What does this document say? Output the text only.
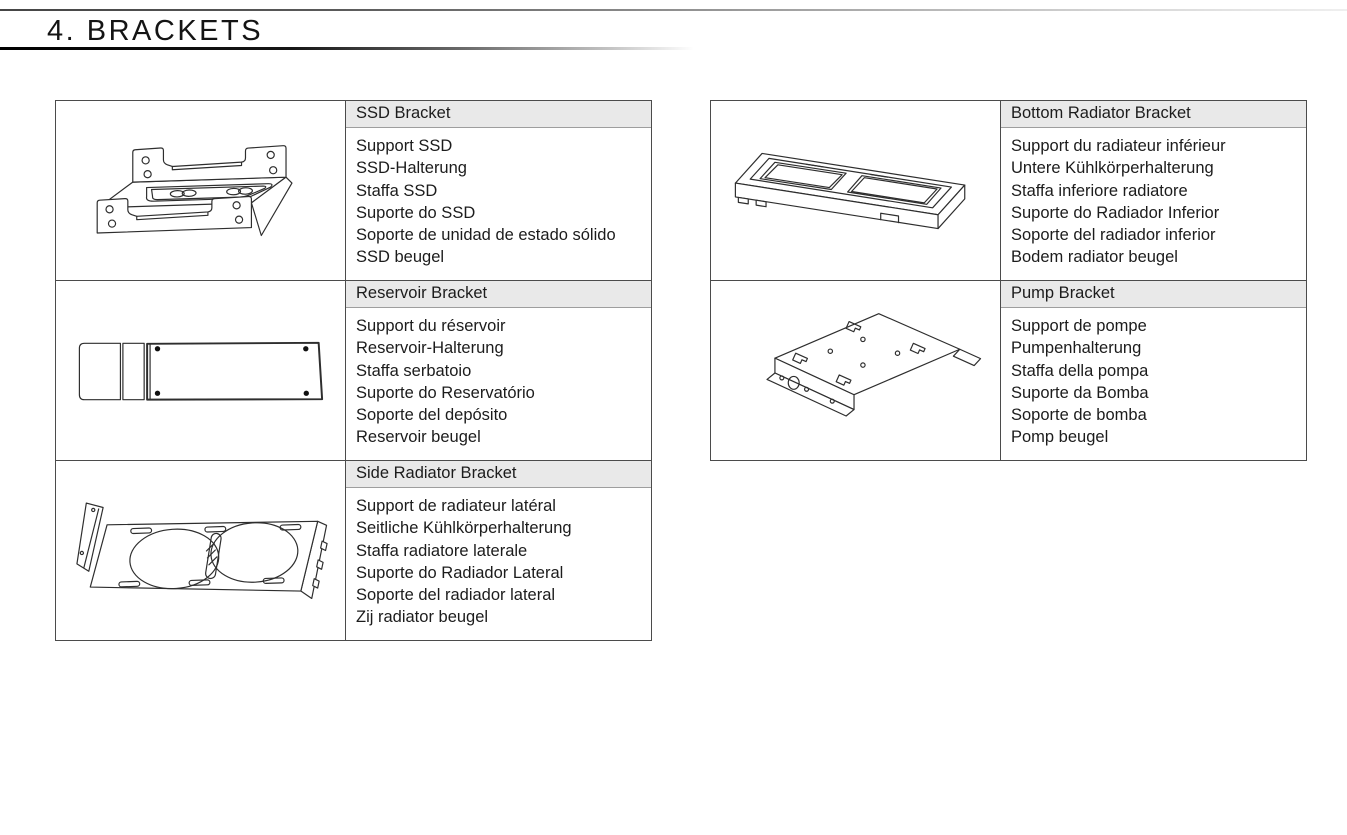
4. BRACKETS
SSD Bracket
Support SSD
SSD-Halterung
Staffa SSD
Suporte do SSD
Soporte de unidad de estado sólido
SSD beugel
Reservoir Bracket
Support du réservoir
Reservoir-Halterung
Staffa serbatoio
Suporte do Reservatório
Soporte del depósito
Reservoir beugel
Side Radiator Bracket
Support de radiateur latéral
Seitliche Kühlkörperhalterung
Staffa radiatore laterale
Suporte do Radiador Lateral
Soporte del radiador lateral
Zij radiator beugel
Bottom Radiator Bracket
Support du radiateur inférieur
Untere Kühlkörperhalterung
Staffa inferiore radiatore
Suporte do Radiador Inferior
Soporte del radiador inferior
Bodem radiator beugel
Pump Bracket
Support de pompe
Pumpenhalterung
Staffa della pompa
Suporte da Bomba
Soporte de bomba
Pomp beugel
